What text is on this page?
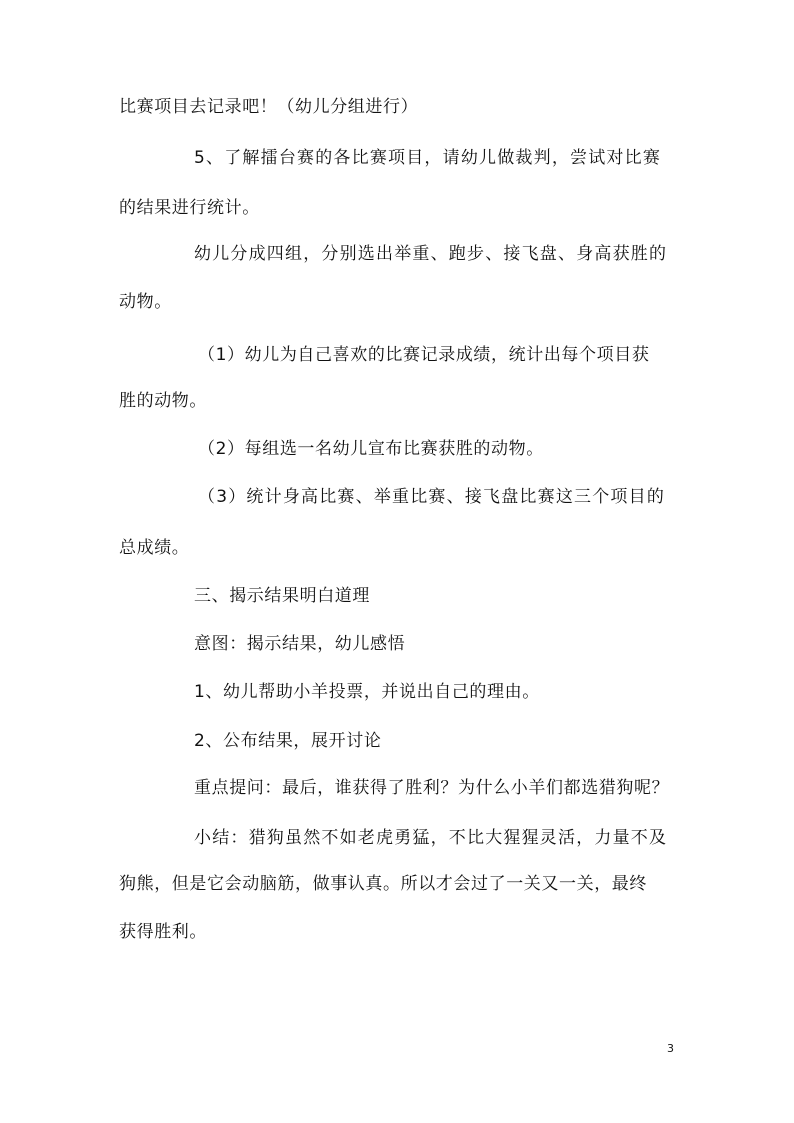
比赛项目去记录吧！（幼儿分组进行）
5、了解擂台赛的各比赛项目，请幼儿做裁判，尝试对比赛
的结果进行统计。
幼儿分成四组，分别选出举重、跑步、接飞盘、身高获胜的
动物。
（1）幼儿为自己喜欢的比赛记录成绩，统计出每个项目获
胜的动物。
（2）每组选一名幼儿宣布比赛获胜的动物。
（3）统计身高比赛、举重比赛、接飞盘比赛这三个项目的
总成绩。
三、揭示结果明白道理
意图：揭示结果，幼儿感悟
1、幼儿帮助小羊投票，并说出自己的理由。
2、公布结果，展开讨论
重点提问：最后，谁获得了胜利？为什么小羊们都选猎狗呢？
小结：猎狗虽然不如老虎勇猛，不比大猩猩灵活，力量不及
狗熊，但是它会动脑筋，做事认真。所以才会过了一关又一关，最终
获得胜利。
3
